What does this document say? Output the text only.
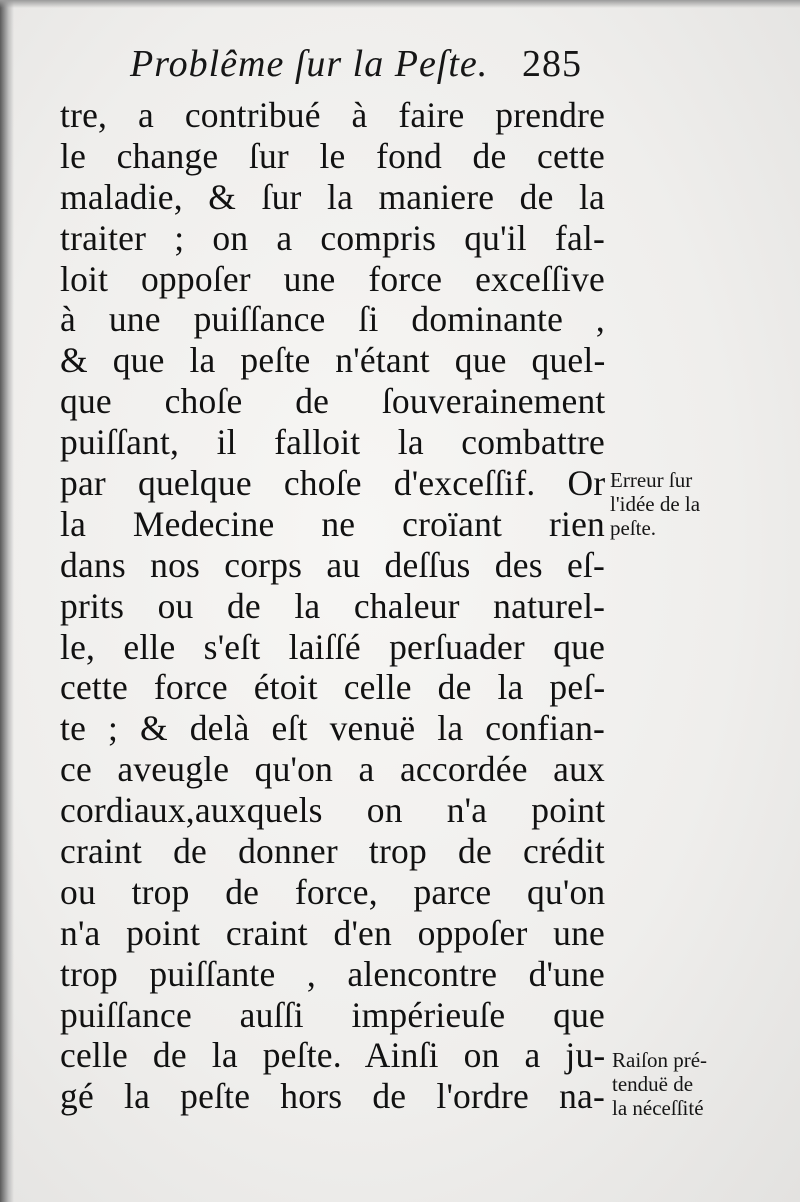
Problême ſur la Peſte. 285
tre, a contribué à faire prendre
le change ſur le fond de cette
maladie, & ſur la maniere de la
traiter ; on a compris qu'il fal-
loit oppoſer une force exceſſive
à une puiſſance ſi dominante ,
& que la peſte n'étant que quel-
que choſe de ſouverainement
puiſſant, il falloit la combattre
par quelque choſe d'exceſſif. Or
la Medecine ne croïant rien
dans nos corps au deſſus des eſ-
prits ou de la chaleur naturel-
le, elle s'eſt laiſſé perſuader que
cette force étoit celle de la peſ-
te ; & delà eſt venuë la confian-
ce aveugle qu'on a accordée aux
cordiaux,auxquels on n'a point
craint de donner trop de crédit
ou trop de force, parce qu'on
n'a point craint d'en oppoſer une
trop puiſſante , alencontre d'une
puiſſance auſſi impérieuſe que
celle de la peſte. Ainſi on a ju-
gé la peſte hors de l'ordre na-
Erreur ſur
l'idée de la
peſte.
Raiſon pré-
tenduë de
la néceſſité
